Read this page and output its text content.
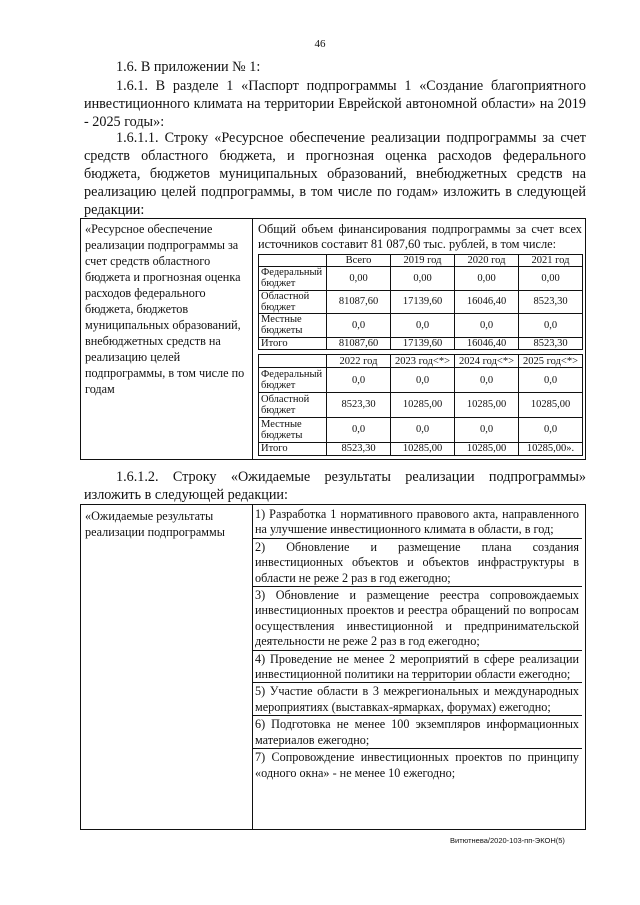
46
1.6. В приложении № 1:
1.6.1. В разделе 1 «Паспорт подпрограммы 1 «Создание благоприятного инвестиционного климата на территории Еврейской автономной области» на 2019 - 2025 годы»:
1.6.1.1. Строку «Ресурсное обеспечение реализации подпрограммы за счет средств областного бюджета, и прогнозная оценка расходов федерального бюджета, бюджетов муниципальных образований, внебюджетных средств на реализацию целей подпрограммы, в том числе по годам» изложить в следующей редакции:
«Ресурсное обеспечение реализации подпрограммы за счет средств областного бюджета и прогнозная оценка расходов федерального бюджета, бюджетов муниципальных образований, внебюджетных средств на реализацию целей подпрограммы, в том числе по годам
Общий объем финансирования подпрограммы за счет всех источников составит 81 087,60 тыс. рублей, в том числе:
	Всего	2019 год	2020 год	2021 год
Федеральный бюджет	0,00	0,00	0,00	0,00
Областной бюджет	81087,60	17139,60	16046,40	8523,30
Местные бюджеты	0,0	0,0	0,0	0,0
Итого	81087,60	17139,60	16046,40	8523,30
	2022 год	2023 год<*>	2024 год<*>	2025 год<*>
Федеральный бюджет	0,0	0,0	0,0	0,0
Областной бюджет	8523,30	10285,00	10285,00	10285,00
Местные бюджеты	0,0	0,0	0,0	0,0
Итого	8523,30	10285,00	10285,00	10285,00».
1.6.1.2. Строку «Ожидаемые результаты реализации подпрограммы» изложить в следующей редакции:
«Ожидаемые результаты реализации подпрограммы
1) Разработка 1 нормативного правового акта, направленного на улучшение инвестиционного климата в области, в год;
2) Обновление и размещение плана создания инвестиционных объектов и объектов инфраструктуры в области не реже 2 раз в год ежегодно;
3) Обновление и размещение реестра сопровождаемых инвестиционных проектов и реестра обращений по вопросам осуществления инвестиционной и предпринимательской деятельности не реже 2 раз в год ежегодно;
4) Проведение не менее 2 мероприятий в сфере реализации инвестиционной политики на территории области ежегодно;
5) Участие области в 3 межрегиональных и международных мероприятиях (выставках-ярмарках, форумах) ежегодно;
6) Подготовка не менее 100 экземпляров информационных материалов ежегодно;
7) Сопровождение инвестиционных проектов по принципу «одного окна» - не менее 10 ежегодно;
Витютнева/2020-103-пп-ЭКОН(5)
